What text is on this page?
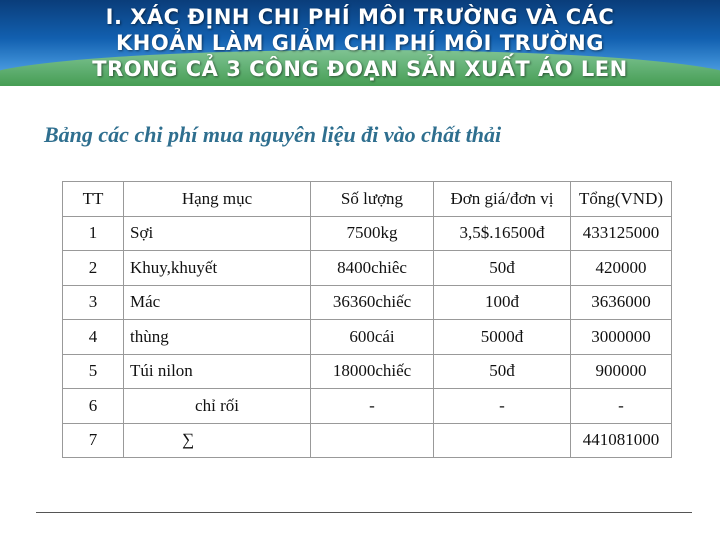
I. XÁC ĐỊNH CHI PHÍ MÔI TRƯỜNG VÀ CÁC
KHOẢN LÀM GIẢM CHI PHÍ MÔI TRƯỜNG
TRONG CẢ 3 CÔNG ĐOẠN SẢN XUẤT ÁO LEN
Bảng các chi phí mua nguyên liệu đi vào chất thải
TT	Hạng mục	Số lượng	Đơn giá/đơn vị	Tổng(VND)
1	Sợi	7500kg	3,5$.16500đ	433125000
2	Khuy,khuyết	8400chiêc	50đ	420000
3	Mác	36360chiếc	100đ	3636000
4	thùng	600cái	5000đ	3000000
5	Túi nilon	18000chiếc	50đ	900000
6	chỉ rối	-	-	-
7	∑			441081000
